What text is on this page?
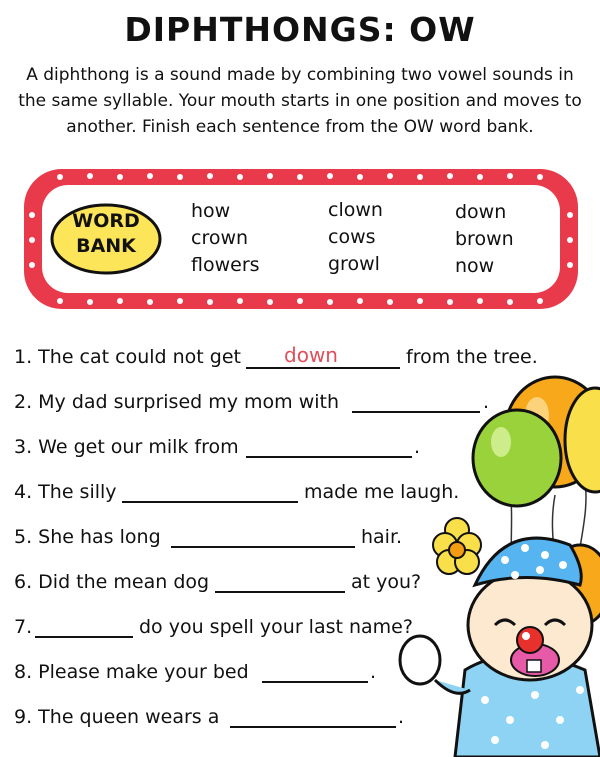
DIPHTHONGS: OW
A diphthong is a sound made by combining two vowel sounds in the same syllable. Your mouth starts in one position and moves to another. Finish each sentence from the OW word bank.
WORD
BANK
how
crown
flowers
clown
cows
growl
down
brown
now
1. The cat could not get	down	from the tree.
2. My dad surprised my mom with	.
3. We get our milk from	.
4. The silly	made me laugh.
5. She has long	hair.
6. Did the mean dog	at you?
7.	do you spell your last name?
8. Please make your bed	.
9. The queen wears a	.
